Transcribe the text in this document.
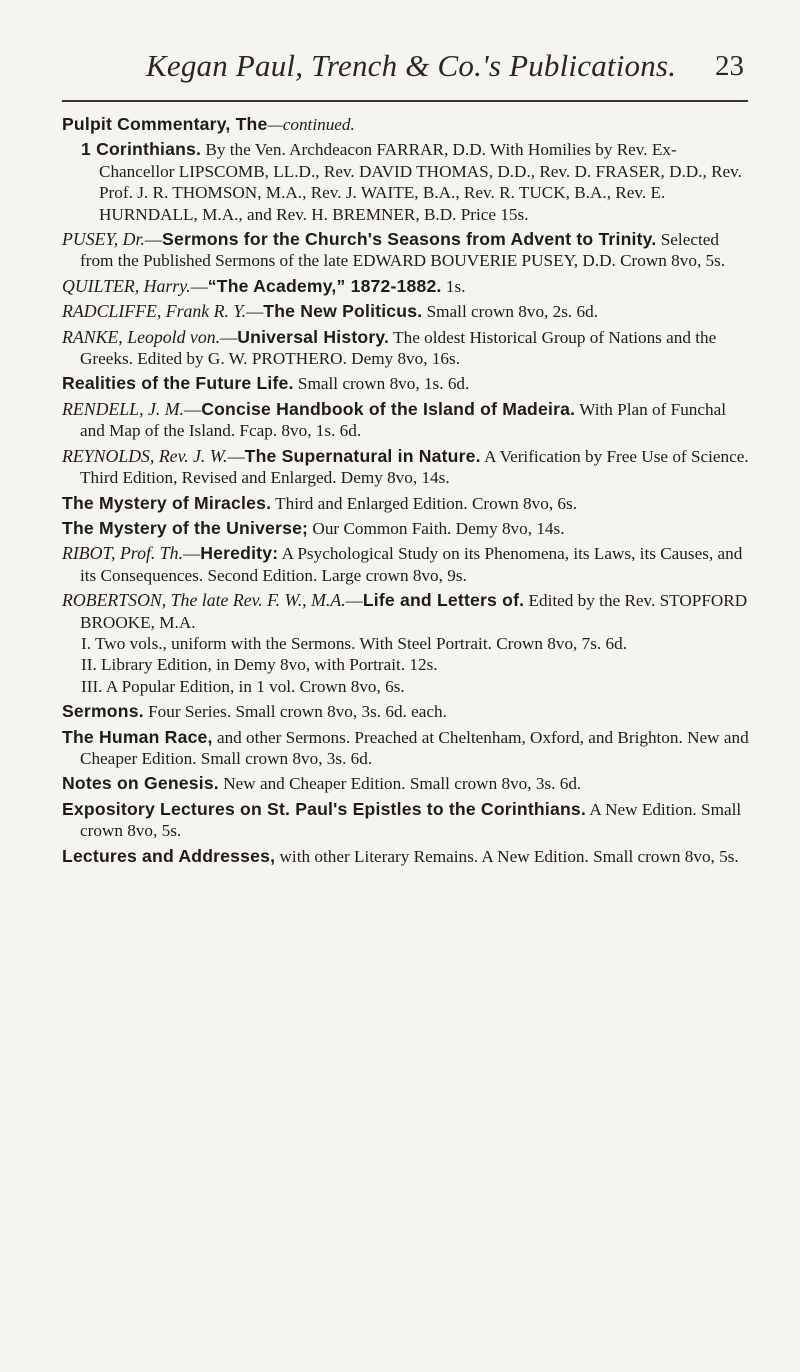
Kegan Paul, Trench & Co.'s Publications. 23
Pulpit Commentary, The—continued.
1 Corinthians. By the Ven. Archdeacon FARRAR, D.D. With Homilies by Rev. Ex-Chancellor LIPSCOMB, LL.D., Rev. DAVID THOMAS, D.D., Rev. D. FRASER, D.D., Rev. Prof. J. R. THOMSON, M.A., Rev. J. WAITE, B.A., Rev. R. TUCK, B.A., Rev. E. HURNDALL, M.A., and Rev. H. BREMNER, B.D. Price 15s.
PUSEY, Dr.—Sermons for the Church's Seasons from Advent to Trinity. Selected from the Published Sermons of the late EDWARD BOUVERIE PUSEY, D.D. Crown 8vo, 5s.
QUILTER, Harry.—“The Academy,” 1872-1882. 1s.
RADCLIFFE, Frank R. Y.—The New Politicus. Small crown 8vo, 2s. 6d.
RANKE, Leopold von.—Universal History. The oldest Historical Group of Nations and the Greeks. Edited by G. W. PROTHERO. Demy 8vo, 16s.
Realities of the Future Life. Small crown 8vo, 1s. 6d.
RENDELL, J. M.—Concise Handbook of the Island of Madeira. With Plan of Funchal and Map of the Island. Fcap. 8vo, 1s. 6d.
REYNOLDS, Rev. J. W.—The Supernatural in Nature. A Verification by Free Use of Science. Third Edition, Revised and Enlarged. Demy 8vo, 14s.
The Mystery of Miracles. Third and Enlarged Edition. Crown 8vo, 6s.
The Mystery of the Universe; Our Common Faith. Demy 8vo, 14s.
RIBOT, Prof. Th.—Heredity: A Psychological Study on its Phenomena, its Laws, its Causes, and its Consequences. Second Edition. Large crown 8vo, 9s.
ROBERTSON, The late Rev. F. W., M.A.—Life and Letters of. Edited by the Rev. STOPFORD BROOKE, M.A.
I. Two vols., uniform with the Sermons. With Steel Portrait. Crown 8vo, 7s. 6d.
II. Library Edition, in Demy 8vo, with Portrait. 12s.
III. A Popular Edition, in 1 vol. Crown 8vo, 6s.
Sermons. Four Series. Small crown 8vo, 3s. 6d. each.
The Human Race, and other Sermons. Preached at Cheltenham, Oxford, and Brighton. New and Cheaper Edition. Small crown 8vo, 3s. 6d.
Notes on Genesis. New and Cheaper Edition. Small crown 8vo, 3s. 6d.
Expository Lectures on St. Paul's Epistles to the Corinthians. A New Edition. Small crown 8vo, 5s.
Lectures and Addresses, with other Literary Remains. A New Edition. Small crown 8vo, 5s.
